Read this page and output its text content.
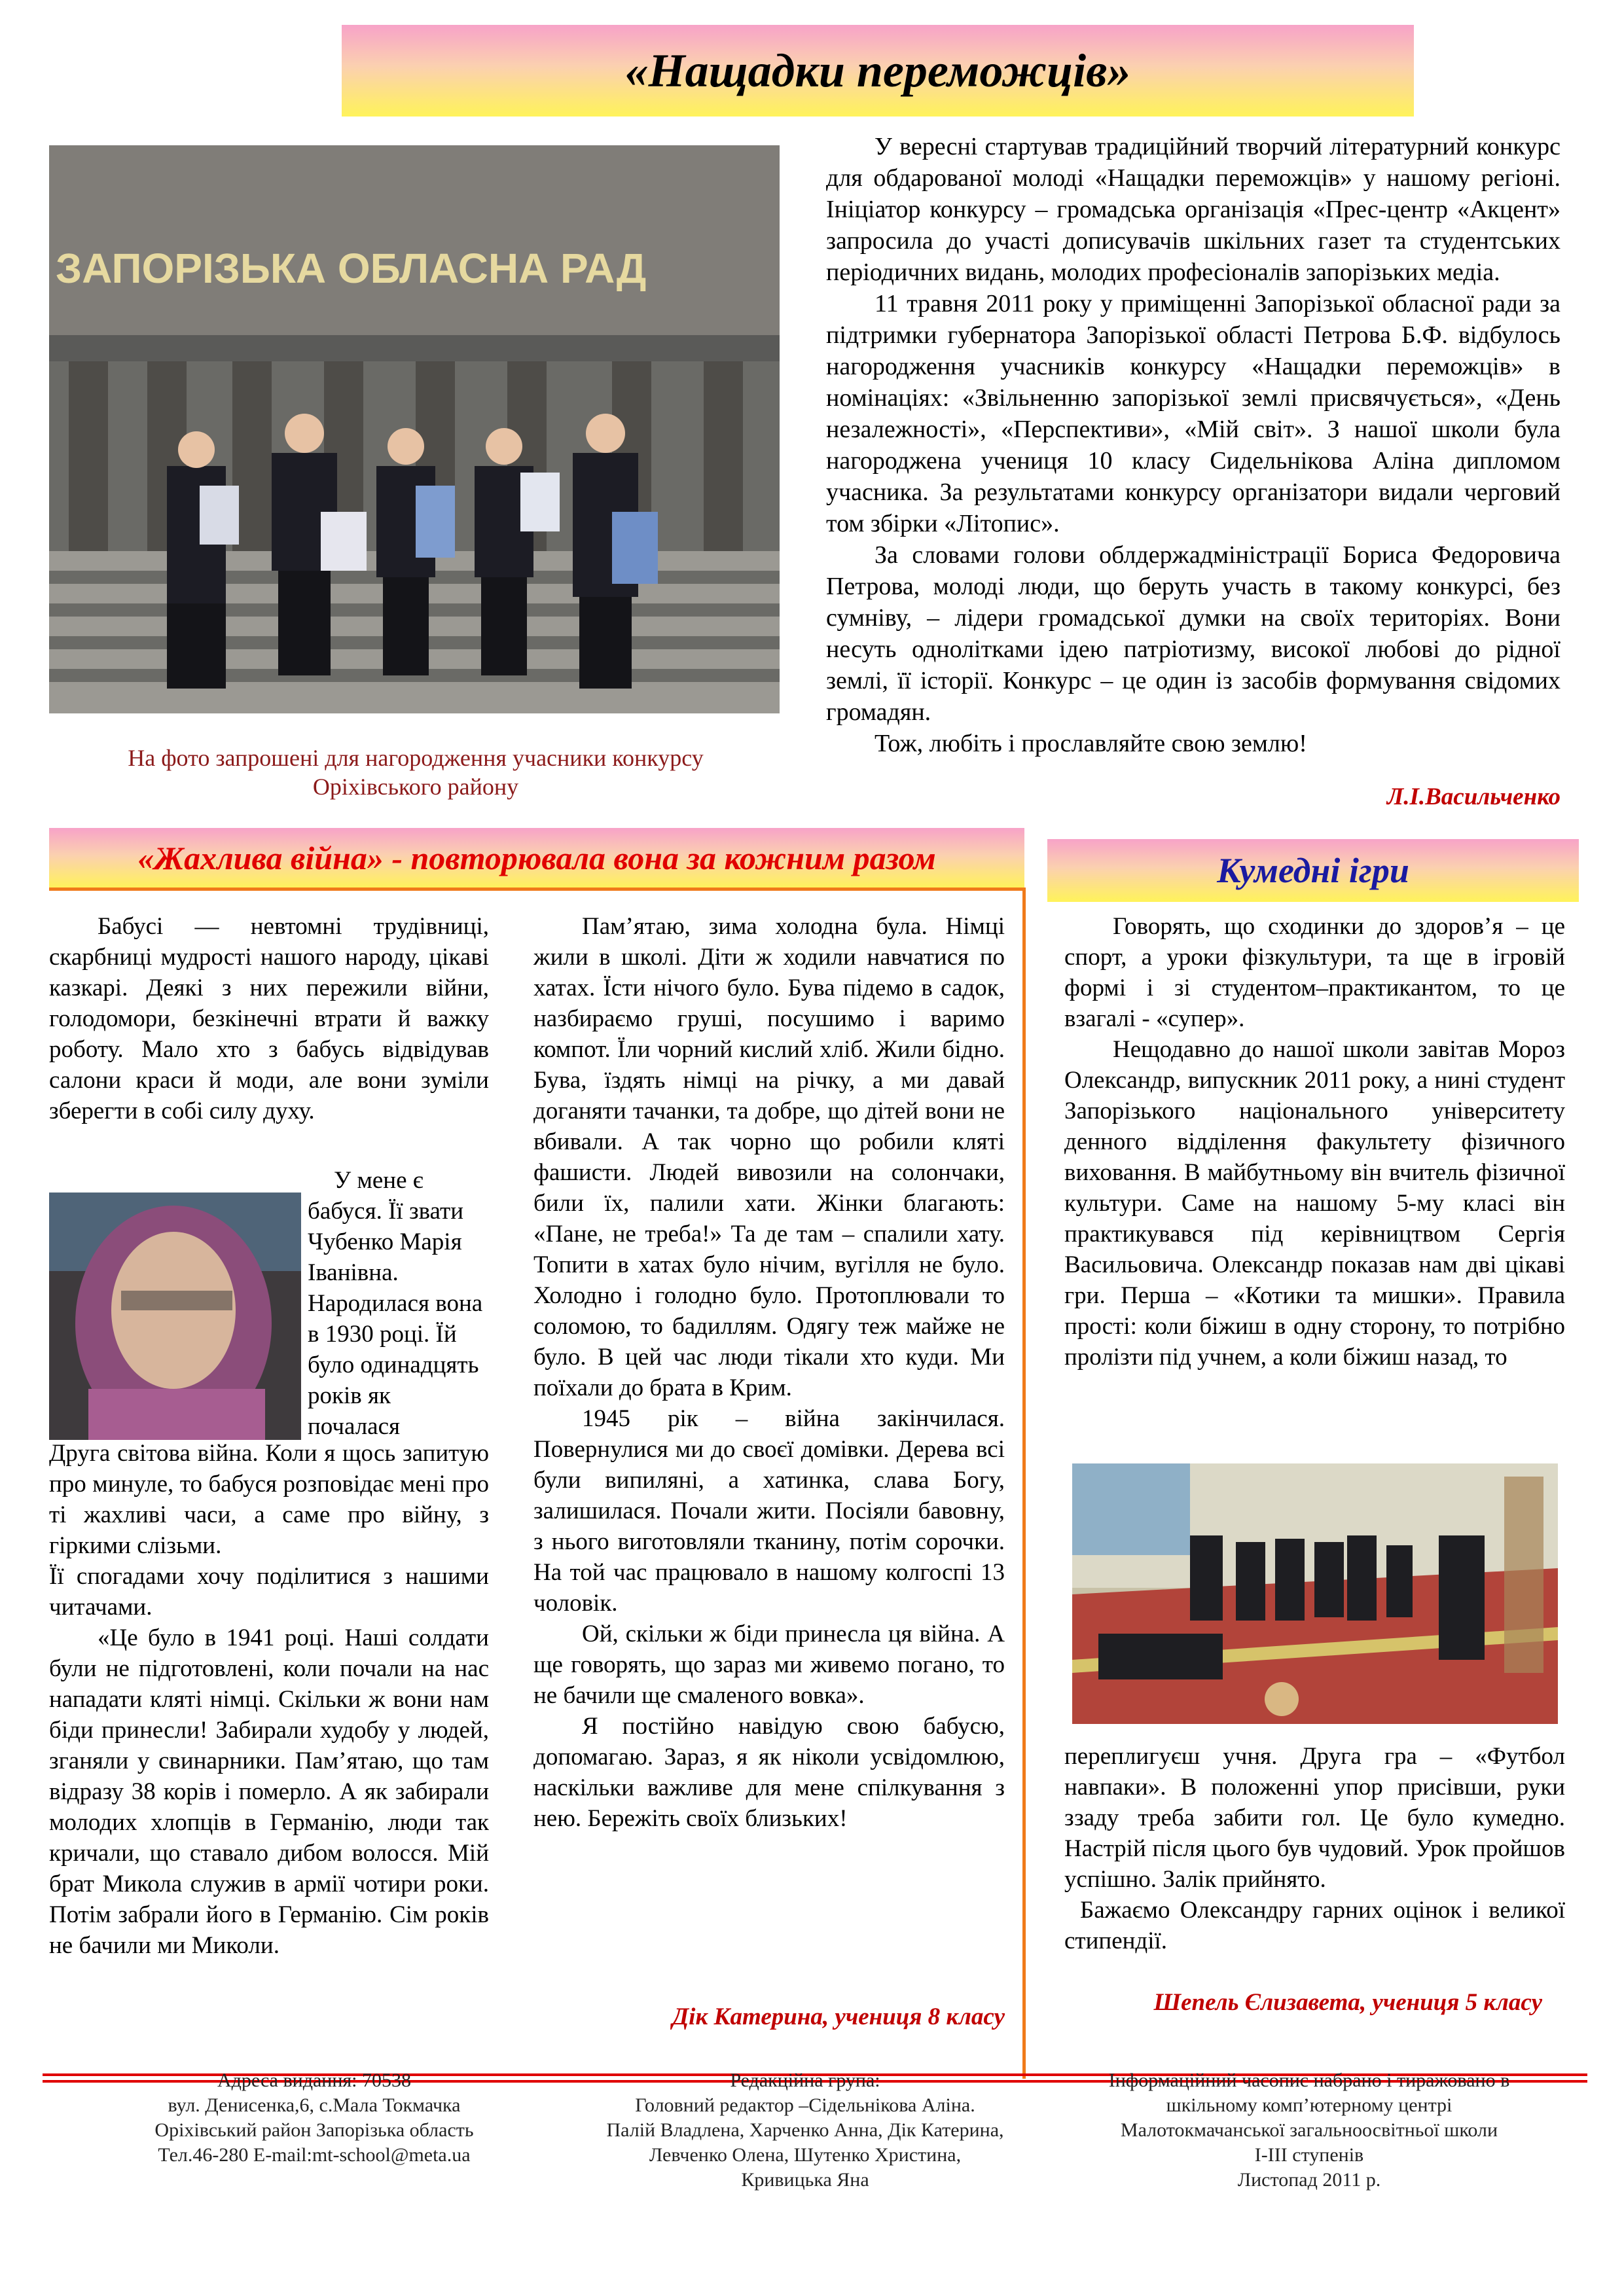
«Нащадки переможців»
ЗАПОРІЗЬКА ОБЛАСНА РАД

У вересні стартував традиційний творчий літературний конкурс для обдарованої молоді «Нащадки переможців» у нашому регіоні. Ініціатор конкурсу – громадська організація «Прес-центр «Акцент» запросила до участі дописувачів шкільних газет та студентських періодичних видань, молодих професіоналів запорізьких медіа.

11 травня 2011 року у приміщенні Запорізької обласної ради за підтримки губернатора Запорізької області Петрова Б.Ф. відбулось нагородження учасників конкурсу «Нащадки переможців» в номінаціях: «Звільненню запорізької землі присвячується», «День незалежності», «Перспективи», «Мій світ». З нашої школи була нагороджена учениця 10 класу Сидельнікова Аліна дипломом учасника. За результатами конкурсу організатори видали черговий том збірки «Літопис».

За словами голови облдержадміністрації Бориса Федоровича Петрова, молоді люди, що беруть участь в такому конкурсі, без сумніву, – лідери громадської думки на своїх територіях. Вони несуть однолітками ідею патріотизму, високої любові до рідної землі, її історії. Конкурс – це один із засобів формування свідомих громадян.

Тож, любіть і прославляйте свою землю!

Л.І.Васильченко
На фото запрошені для нагородження учасники конкурсу
Оріхівського району
«Жахлива війна» - повторювала вона за кожним разом	Кумедні ігри

Бабусі — невтомні трудівниці, скарбниці мудрості нашого народу, цікаві казкарі. Деякі з них пережили війни, голодомори, безкінечні втрати й важку роботу. Мало хто з бабусь відвідував салони краси й моди, але вони зуміли зберегти в собі силу духу.

У мене є бабуся. Її звати Чубенко Марія Іванівна. Народилася вона в 1930 році. Їй було одинадцять років як почалася

Друга світова війна. Коли я щось запитую про минуле, то бабуся розповідає мені про ті жахливі часи, а саме про війну, з гіркими слізьми.

Її спогадами хочу поділитися з нашими читачами.

«Це було в 1941 році. Наші солдати були не підготовлені, коли почали на нас нападати кляті німці. Скільки ж вони нам біди принесли! Забирали худобу у людей, зганяли у свинарники. Пам’ятаю, що там відразу 38 корів і померло. А як забирали молодих хлопців в Германію, люди так кричали, що ставало дибом волосся. Мій брат Микола служив в армії чотири роки. Потім забрали його в Германію. Сім років не бачили ми Миколи.

Пам’ятаю, зима холодна була. Німці жили в школі. Діти ж ходили навчатися по хатах. Їсти нічого було. Бува підемо в садок, назбираємо груші, посушимо і варимо компот. Їли чорний кислий хліб. Жили бідно. Бува, їздять німці на річку, а ми давай доганяти тачанки, та добре, що дітей вони не вбивали. А так чорно що робили кляті фашисти. Людей вивозили на солончаки, били їх, палили хати. Жінки благають: «Пане, не треба!» Та де там – спалили хату. Топити в хатах було нічим, вугілля не було. Холодно і голодно було. Протоплювали то соломою, то бадиллям. Одягу теж майже не було. В цей час люди тікали хто куди. Ми поїхали до брата в Крим.

1945 рік – війна закінчилася. Повернулися ми до своєї домівки. Дерева всі були випиляні, а хатинка, слава Богу, залишилася. Почали жити. Посіяли бавовну, з нього виготовляли тканину, потім сорочки. На той час працювало в нашому колгоспі 13 чоловік.

Ой, скільки ж біди принесла ця війна. А ще говорять, що зараз ми живемо погано, то не бачили ще смаленого вовка».

Я постійно навідую свою бабусю, допомагаю. Зараз, я як ніколи усвідомлюю, наскільки важливе для мене спілкування з нею. Бережіть своїх близьких!

Дік Катерина, учениця 8 класу

Говорять, що сходинки до здоров’я – це спорт, а уроки фізкультури, та ще в ігровій формі і зі студентом–практикантом, то це взагалі - «супер».

Нещодавно до нашої школи завітав Мороз Олександр, випускник 2011 року, а нині студент Запорізького національного університету денного відділення факультету фізичного виховання. В майбутньому він вчитель фізичної культури. Саме на нашому 5-му класі він практикувався під керівництвом Сергія Васильовича. Олександр показав нам дві цікаві гри. Перша – «Котики та мишки». Правила прості: коли біжиш в одну сторону, то потрібно пролізти під учнем, а коли біжиш назад, то

переплигуєш учня. Друга гра – «Футбол навпаки». В положенні упор присівши, руки ззаду треба забити гол. Це було кумедно. Настрій після цього був чудовий. Урок пройшов успішно. Залік прийнято.

Бажаємо Олександру гарних оцінок і великої стипендії.

Шепель Єлизавета, учениця 5 класу
Адреса видання: 70538
вул. Денисенка,6, с.Мала Токмачка
Оріхівський район Запорізька область
Тел.46-280 E-mail:mt-school@meta.ua
Редакційна група:
Головний редактор –Сідельнікова Аліна.
Палій Владлена, Харченко Анна, Дік Катерина,
Левченко Олена, Шутенко Христина,
Кривицька Яна
Інформаційний часопис набрано і тиражовано в
шкільному комп’ютерному центрі
Малотокмачанської загальноосвітньої школи
І-ІІІ ступенів
Листопад 2011 р.
